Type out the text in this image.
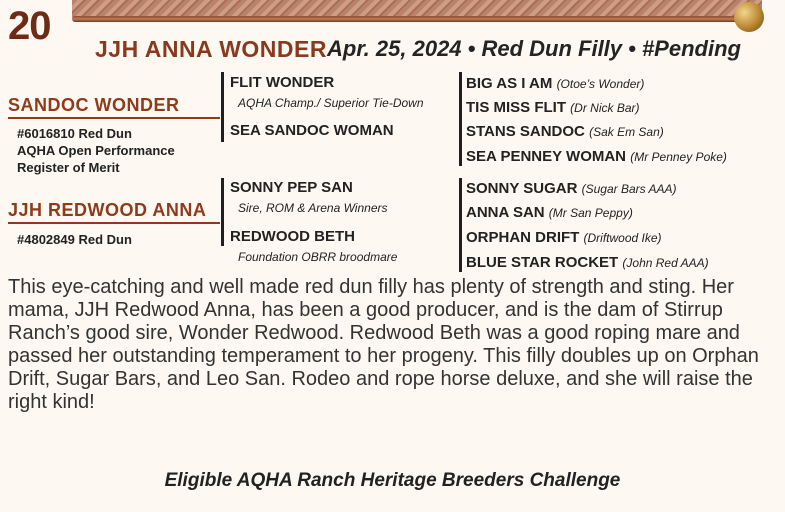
20
JJH ANNA WONDER Apr. 25, 2024 • Red Dun Filly • #Pending
SANDOC WONDER
#6016810 Red Dun
AQHA Open Performance
Register of Merit
JJH REDWOOD ANNA
#4802849 Red Dun
FLIT WONDER
AQHA Champ./ Superior Tie-Down
SEA SANDOC WOMAN
SONNY PEP SAN
Sire, ROM & Arena Winners
REDWOOD BETH
Foundation OBRR broodmare
BIG AS I AM (Otoe’s Wonder)
TIS MISS FLIT (Dr Nick Bar)
STANS SANDOC (Sak Em San)
SEA PENNEY WOMAN (Mr Penney Poke)
SONNY SUGAR (Sugar Bars AAA)
ANNA SAN (Mr San Peppy)
ORPHAN DRIFT (Driftwood Ike)
BLUE STAR ROCKET (John Red AAA)
This eye-catching and well made red dun filly has plenty of strength and sting. Her mama, JJH Redwood Anna, has been a good producer, and is the dam of Stirrup Ranch’s good sire, Wonder Redwood. Redwood Beth was a good roping mare and passed her outstanding temperament to her progeny. This filly doubles up on Orphan Drift, Sugar Bars, and Leo San. Rodeo and rope horse deluxe, and she will raise the right kind!
Eligible AQHA Ranch Heritage Breeders Challenge
